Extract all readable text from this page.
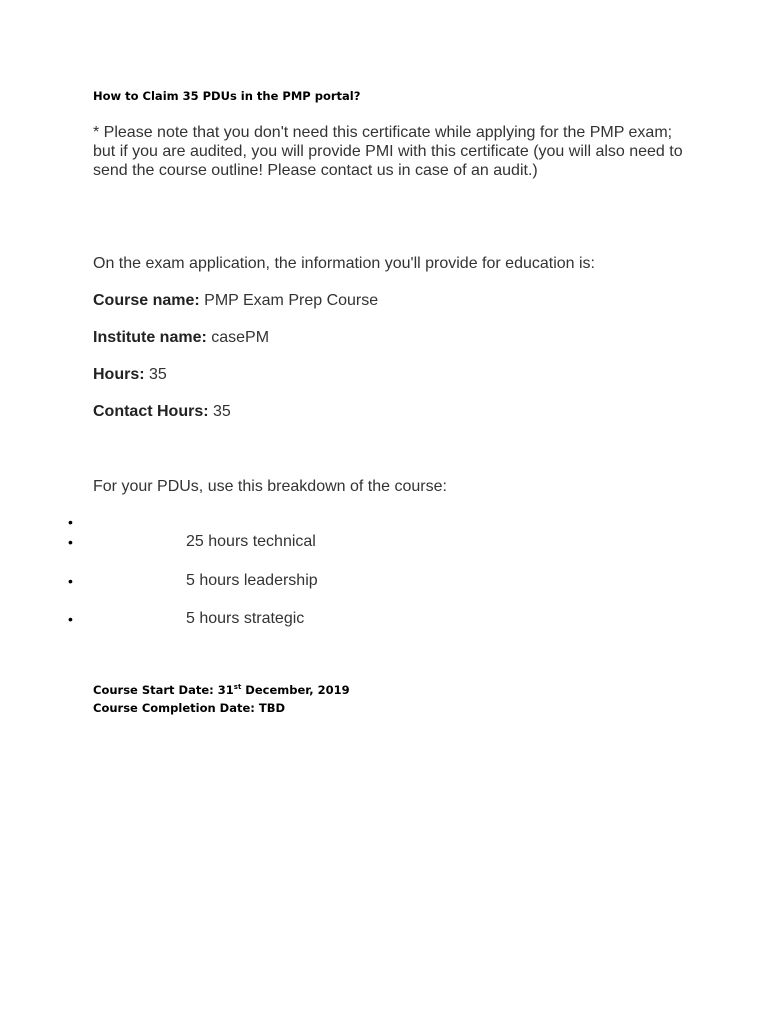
How to Claim 35 PDUs in the PMP portal?
* Please note that you don't need this certificate while applying for the PMP exam; but if you are audited, you will provide PMI with this certificate (you will also need to send the course outline! Please contact us in case of an audit.)
On the exam application, the information you'll provide for education is:
Course name: PMP Exam Prep Course
Institute name: casePM
Hours: 35
Contact Hours: 35
For your PDUs, use this breakdown of the course:
•
•	25 hours technical
•	5 hours leadership
•	5 hours strategic
Course Start Date: 31st December, 2019
Course Completion Date: TBD
